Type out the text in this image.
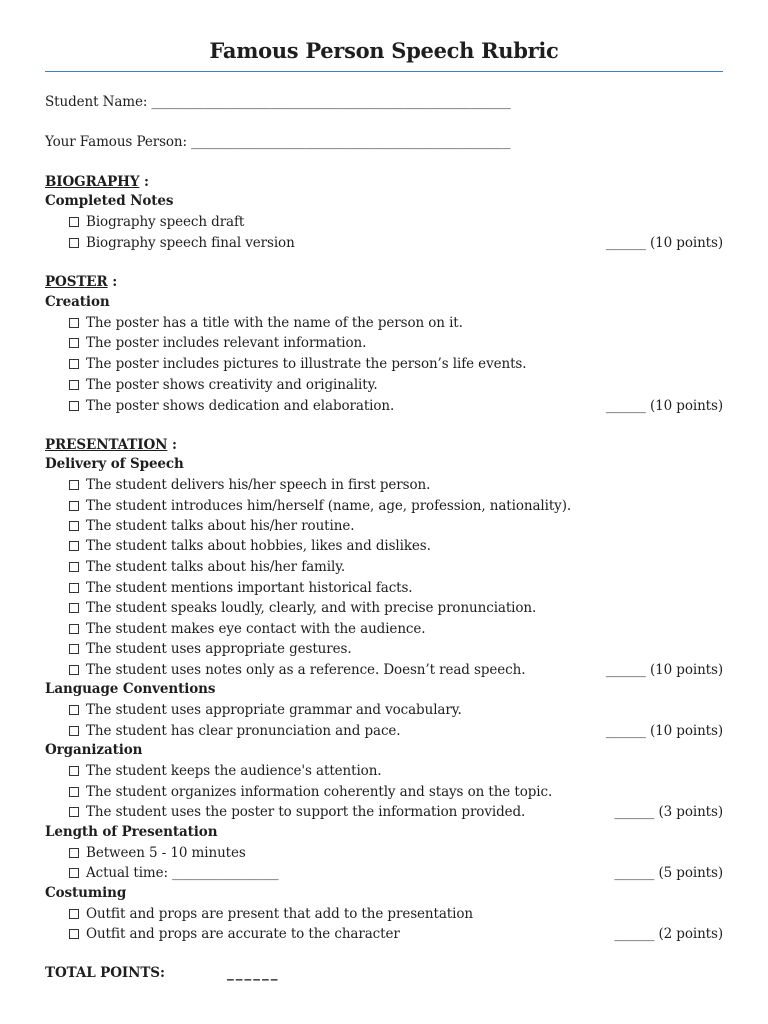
Famous Person Speech Rubric
Student Name: ______________________________________________________
Your Famous Person: ________________________________________________
BIOGRAPHY :
Completed Notes
Biography speech draft
Biography speech final version	______ (10 points)
POSTER :
Creation
The poster has a title with the name of the person on it.
The poster includes relevant information.
The poster includes pictures to illustrate the person’s life events.
The poster shows creativity and originality.
The poster shows dedication and elaboration.	______ (10 points)
PRESENTATION :
Delivery of Speech
The student delivers his/her speech in first person.
The student introduces him/herself (name, age, profession, nationality).
The student talks about his/her routine.
The student talks about hobbies, likes and dislikes.
The student talks about his/her family.
The student mentions important historical facts.
The student speaks loudly, clearly, and with precise pronunciation.
The student makes eye contact with the audience.
The student uses appropriate gestures.
The student uses notes only as a reference. Doesn’t read speech.	______ (10 points)
Language Conventions
The student uses appropriate grammar and vocabulary.
The student has clear pronunciation and pace.	______ (10 points)
Organization
The student keeps the audience's attention.
The student organizes information coherently and stays on the topic.
The student uses the poster to support the information provided.	______ (3 points)
Length of Presentation
Between 5 - 10 minutes
Actual time: ________________	______ (5 points)
Costuming
Outfit and props are present that add to the presentation
Outfit and props are accurate to the character	______ (2 points)
TOTAL POINTS:	______
